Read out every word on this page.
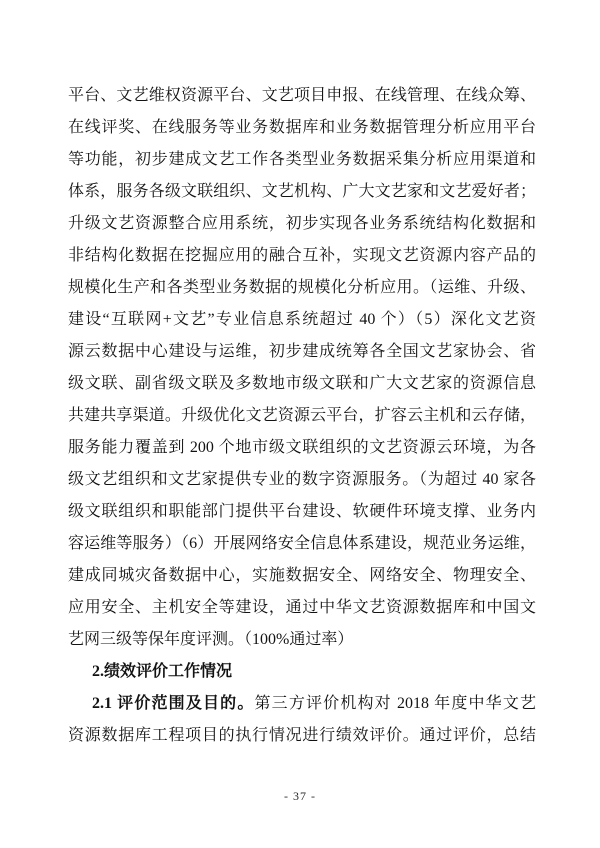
平台、文艺维权资源平台、文艺项目申报、在线管理、在线众筹、
在线评奖、在线服务等业务数据库和业务数据管理分析应用平台
等功能，初步建成文艺工作各类型业务数据采集分析应用渠道和
体系，服务各级文联组织、文艺机构、广大文艺家和文艺爱好者；
升级文艺资源整合应用系统，初步实现各业务系统结构化数据和
非结构化数据在挖掘应用的融合互补，实现文艺资源内容产品的
规模化生产和各类型业务数据的规模化分析应用。（运维、升级、
建设“互联网+文艺”专业信息系统超过 40 个）（5）深化文艺资
源云数据中心建设与运维，初步建成统筹各全国文艺家协会、省
级文联、副省级文联及多数地市级文联和广大文艺家的资源信息
共建共享渠道。升级优化文艺资源云平台，扩容云主机和云存储，
服务能力覆盖到 200 个地市级文联组织的文艺资源云环境，为各
级文艺组织和文艺家提供专业的数字资源服务。（为超过 40 家各
级文联组织和职能部门提供平台建设、软硬件环境支撑、业务内
容运维等服务）（6）开展网络安全信息体系建设，规范业务运维，
建成同城灾备数据中心，实施数据安全、网络安全、物理安全、
应用安全、主机安全等建设，通过中华文艺资源数据库和中国文
艺网三级等保年度评测。（100%通过率）
2.绩效评价工作情况
2.1 评价范围及目的。第三方评价机构对 2018 年度中华文艺
资源数据库工程项目的执行情况进行绩效评价。通过评价，总结
- 37 -
